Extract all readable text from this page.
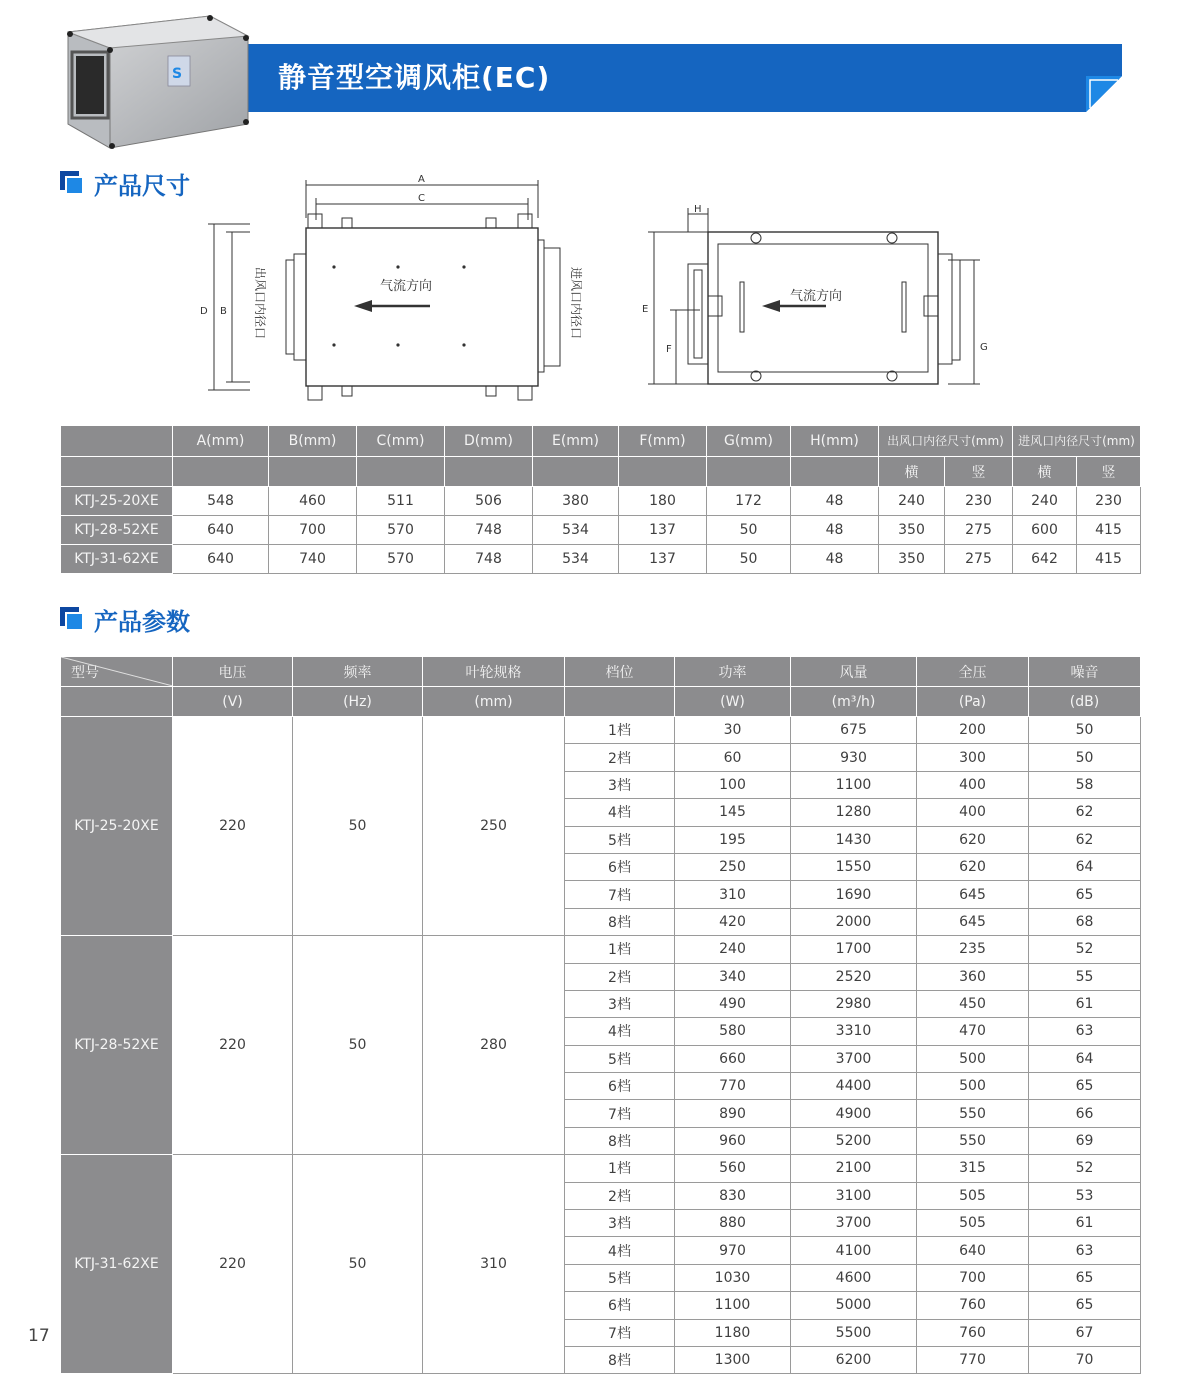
静音型空调风柜(EC)
S
产品尺寸	A
C
D B
气流方向
出风口内径口	进风口内径口
H
E
F	G
气流方向
	A(mm)	B(mm)	C(mm)	D(mm)	E(mm)	F(mm)	G(mm)	H(mm)	出风口内径尺寸(mm)		进风口内径尺寸(mm)	
									横	竖	横	竖
KTJ-25-20XE	548	460	511	506	380	180	172	48	240	230	240	230
KTJ-28-52XE	640	700	570	748	534	137	50	48	350	275	600	415
KTJ-31-62XE	640	740	570	748	534	137	50	48	350	275	642	415
产品参数
型号	电压	频率	叶轮规格	档位	功率	风量	全压	噪音
	(V)	(Hz)	(mm)		(W)	(m³/h)	(Pa)	(dB)
KTJ-25-20XE	220	50	250	1档	30	675	200	50
				2档	60	930	300	50
				3档	100	1100	400	58
				4档	145	1280	400	62
				5档	195	1430	620	62
				6档	250	1550	620	64
				7档	310	1690	645	65
				8档	420	2000	645	68
KTJ-28-52XE	220	50	280	1档	240	1700	235	52
				2档	340	2520	360	55
				3档	490	2980	450	61
				4档	580	3310	470	63
				5档	660	3700	500	64
				6档	770	4400	500	65
				7档	890	4900	550	66
				8档	960	5200	550	69
KTJ-31-62XE	220	50	310	1档	560	2100	315	52
				2档	830	3100	505	53
				3档	880	3700	505	61
				4档	970	4100	640	63
				5档	1030	4600	700	65
				6档	1100	5000	760	65
				7档	1180	5500	760	67
				8档	1300	6200	770	70
17
